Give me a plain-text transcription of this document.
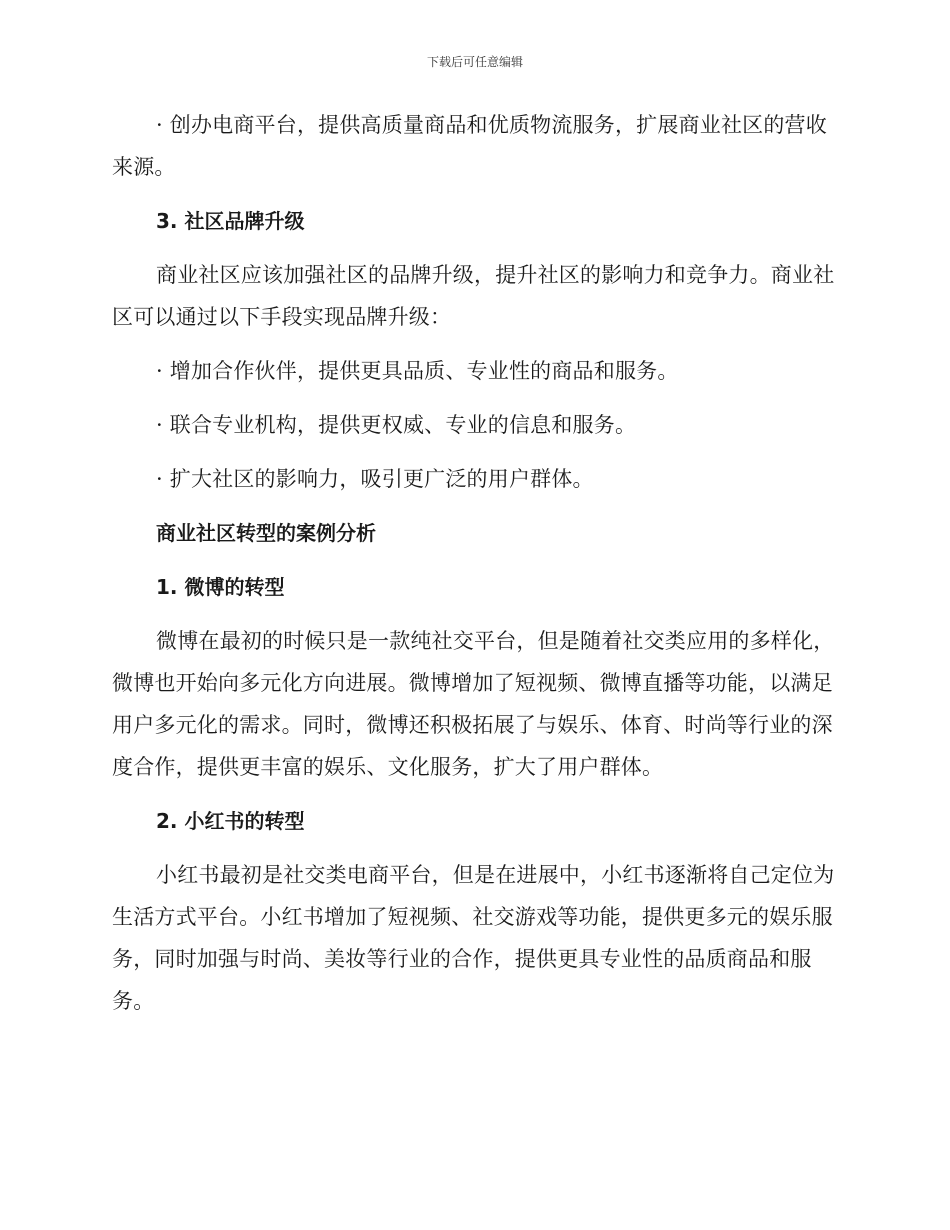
下载后可任意编辑

· 创办电商平台，提供高质量商品和优质物流服务，扩展商业社区的营收来源。

3. 社区品牌升级

商业社区应该加强社区的品牌升级，提升社区的影响力和竞争力。商业社区可以通过以下手段实现品牌升级：

· 增加合作伙伴，提供更具品质、专业性的商品和服务。

· 联合专业机构，提供更权威、专业的信息和服务。

· 扩大社区的影响力，吸引更广泛的用户群体。

商业社区转型的案例分析

1. 微博的转型

微博在最初的时候只是一款纯社交平台，但是随着社交类应用的多样化，微博也开始向多元化方向进展。微博增加了短视频、微博直播等功能，以满足用户多元化的需求。同时，微博还积极拓展了与娱乐、体育、时尚等行业的深度合作，提供更丰富的娱乐、文化服务，扩大了用户群体。

2. 小红书的转型

小红书最初是社交类电商平台，但是在进展中，小红书逐渐将自己定位为生活方式平台。小红书增加了短视频、社交游戏等功能，提供更多元的娱乐服务，同时加强与时尚、美妆等行业的合作，提供更具专业性的品质商品和服务。
